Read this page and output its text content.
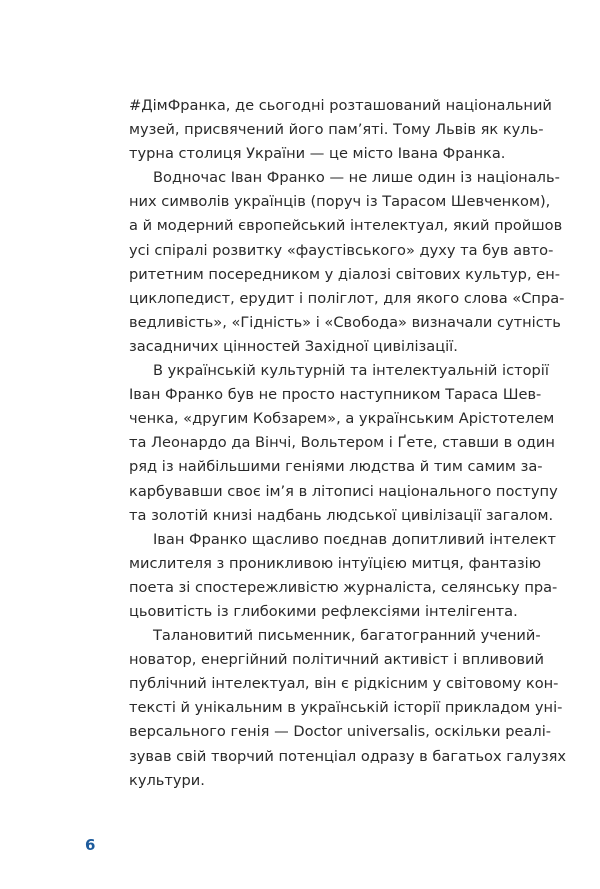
#ДімФранка, де сьогодні розташований національний
музей, присвячений його пам’яті. Тому Львів як куль-
турна столиця України — це місто Івана Франка.
Водночас Іван Франко — не лише один із національ-
них символів українців (поруч із Тарасом Шевченком),
а й модерний європейський інтелектуал, який пройшов
усі спіралі розвитку «фаустівського» духу та був авто-
ритетним посередником у діалозі світових культур, ен-
циклопедист, ерудит і поліглот, для якого слова «Спра-
ведливість», «Гідність» і «Свобода» визначали сутність
засадничих цінностей Західної цивілізації.
В українській культурній та інтелектуальній історії
Іван Франко був не просто наступником Тараса Шев-
ченка, «другим Кобзарем», а українським Арістотелем
та Леонардо да Вінчі, Вольтером і Ґете, ставши в один
ряд із найбільшими геніями людства й тим самим за-
карбувавши своє ім’я в літописі національного поступу
та золотій книзі надбань людської цивілізації загалом.
Іван Франко щасливо поєднав допитливий інтелект
мислителя з проникливою інтуїцією митця, фантазію
поета зі спостережливістю журналіста, селянську пра-
цьовитість із глибокими рефлексіями інтелігента.
Талановитий письменник, багатогранний учений-
новатор, енергійний політичний активіст і впливовий
публічний інтелектуал, він є рідкісним у світовому кон-
тексті й унікальним в українській історії прикладом уні-
версального генія — Doctor universalis, оскільки реалі-
зував свій творчий потенціал одразу в багатьох галузях
культури.
6
